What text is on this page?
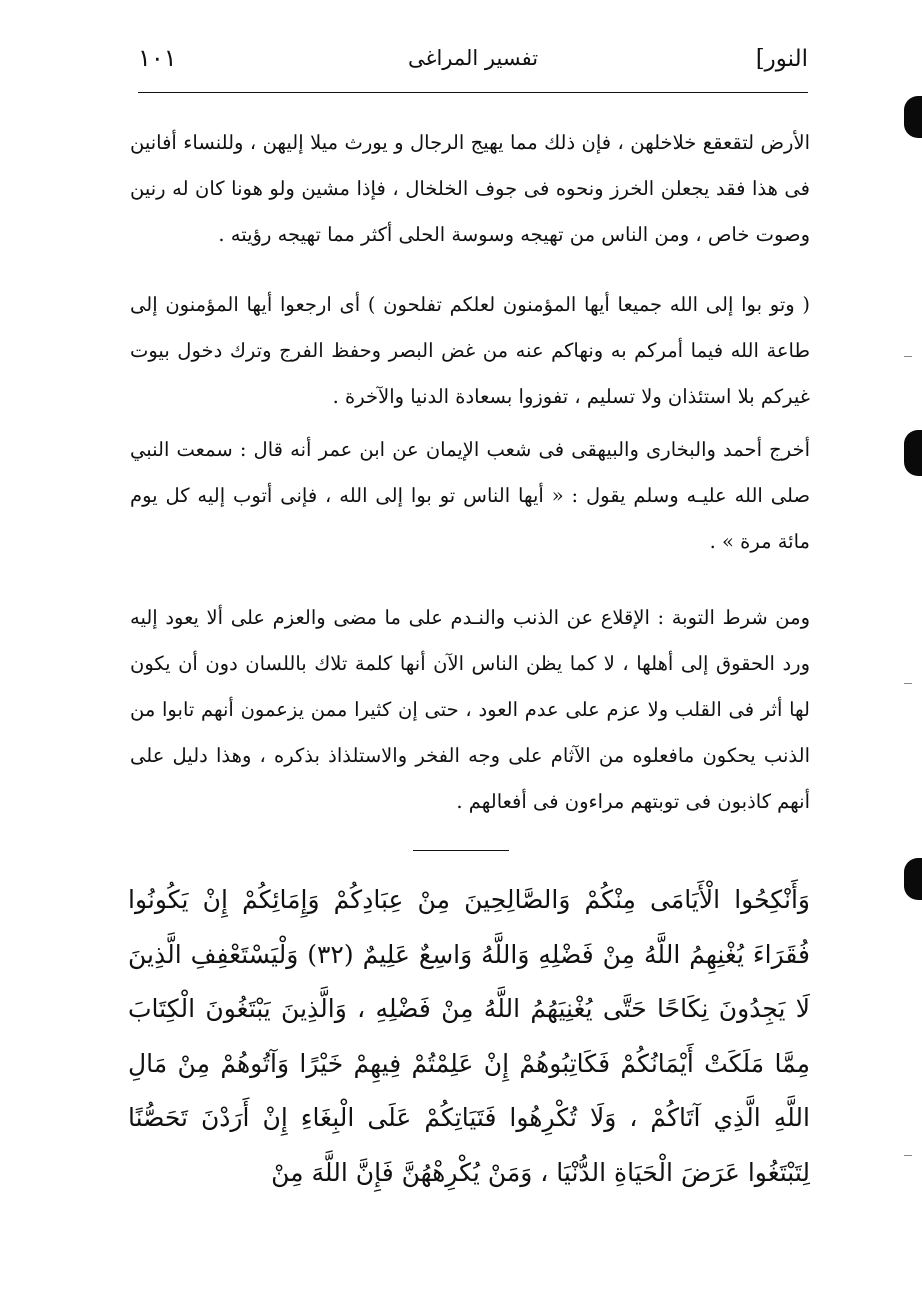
النور]
تفسير المراغى
١٠١

الأرض لتقعقع خلاخلهن ، فإن ذلك مما يهيج الرجال و يورث ميلا إليهن ، وللنساء أفانين فى هذا فقد يجعلن الخرز ونحوه فى جوف الخلخال ، فإذا مشين ولو هونا كان له رنين وصوت خاص ، ومن الناس من تهيجه وسوسة الحلى أكثر مما تهيجه رؤيته .

( وتو بوا إلى الله جميعا أيها المؤمنون لعلكم تفلحون ) أى ارجعوا أيها المؤمنون إلى طاعة الله فيما أمركم به ونهاكم عنه من غض البصر وحفظ الفرج وترك دخول بيوت غيركم بلا استئذان ولا تسليم ، تفوزوا بسعادة الدنيا والآخرة .

أخرج أحمد والبخارى والبيهقى فى شعب الإيمان عن ابن عمر أنه قال : سمعت النبي صلى الله عليـه وسلم يقول : « أيها الناس تو بوا إلى الله ، فإنى أتوب إليه كل يوم مائة مرة » .

ومن شرط التوبة : الإقلاع عن الذنب والنـدم على ما مضى والعزم على ألا يعود إليه ورد الحقوق إلى أهلها ، لا كما يظن الناس الآن أنها كلمة تلاك باللسان دون أن يكون لها أثر فى القلب ولا عزم على عدم العود ، حتى إن كثيرا ممن يزعمون أنهم تابوا من الذنب يحكون مافعلوه من الآثام على وجه الفخر والاستلذاذ بذكره ، وهذا دليل على أنهم كاذبون فى توبتهم مراءون فى أفعالهم .

وَأَنْكِحُوا الْأَيَامَى مِنْكُمْ وَالصَّالِحِينَ مِنْ عِبَادِكُمْ وَإِمَائِكُمْ إِنْ يَكُونُوا فُقَرَاءَ يُغْنِهِمُ اللَّهُ مِنْ فَضْلِهِ وَاللَّهُ وَاسِعٌ عَلِيمٌ (٣٢) وَلْيَسْتَعْفِفِ الَّذِينَ لَا يَجِدُونَ نِكَاحًا حَتَّى يُغْنِيَهُمُ اللَّهُ مِنْ فَضْلِهِ ، وَالَّذِينَ يَبْتَغُونَ الْكِتَابَ مِمَّا مَلَكَتْ أَيْمَانُكُمْ فَكَاتِبُوهُمْ إِنْ عَلِمْتُمْ فِيهِمْ خَيْرًا وَآتُوهُمْ مِنْ مَالِ اللَّهِ الَّذِي آتَاكُمْ ، وَلَا تُكْرِهُوا فَتَيَاتِكُمْ عَلَى الْبِغَاءِ إِنْ أَرَدْنَ تَحَصُّنًا لِتَبْتَغُوا عَرَضَ الْحَيَاةِ الدُّنْيَا ، وَمَنْ يُكْرِهْهُنَّ فَإِنَّ اللَّهَ مِنْ
